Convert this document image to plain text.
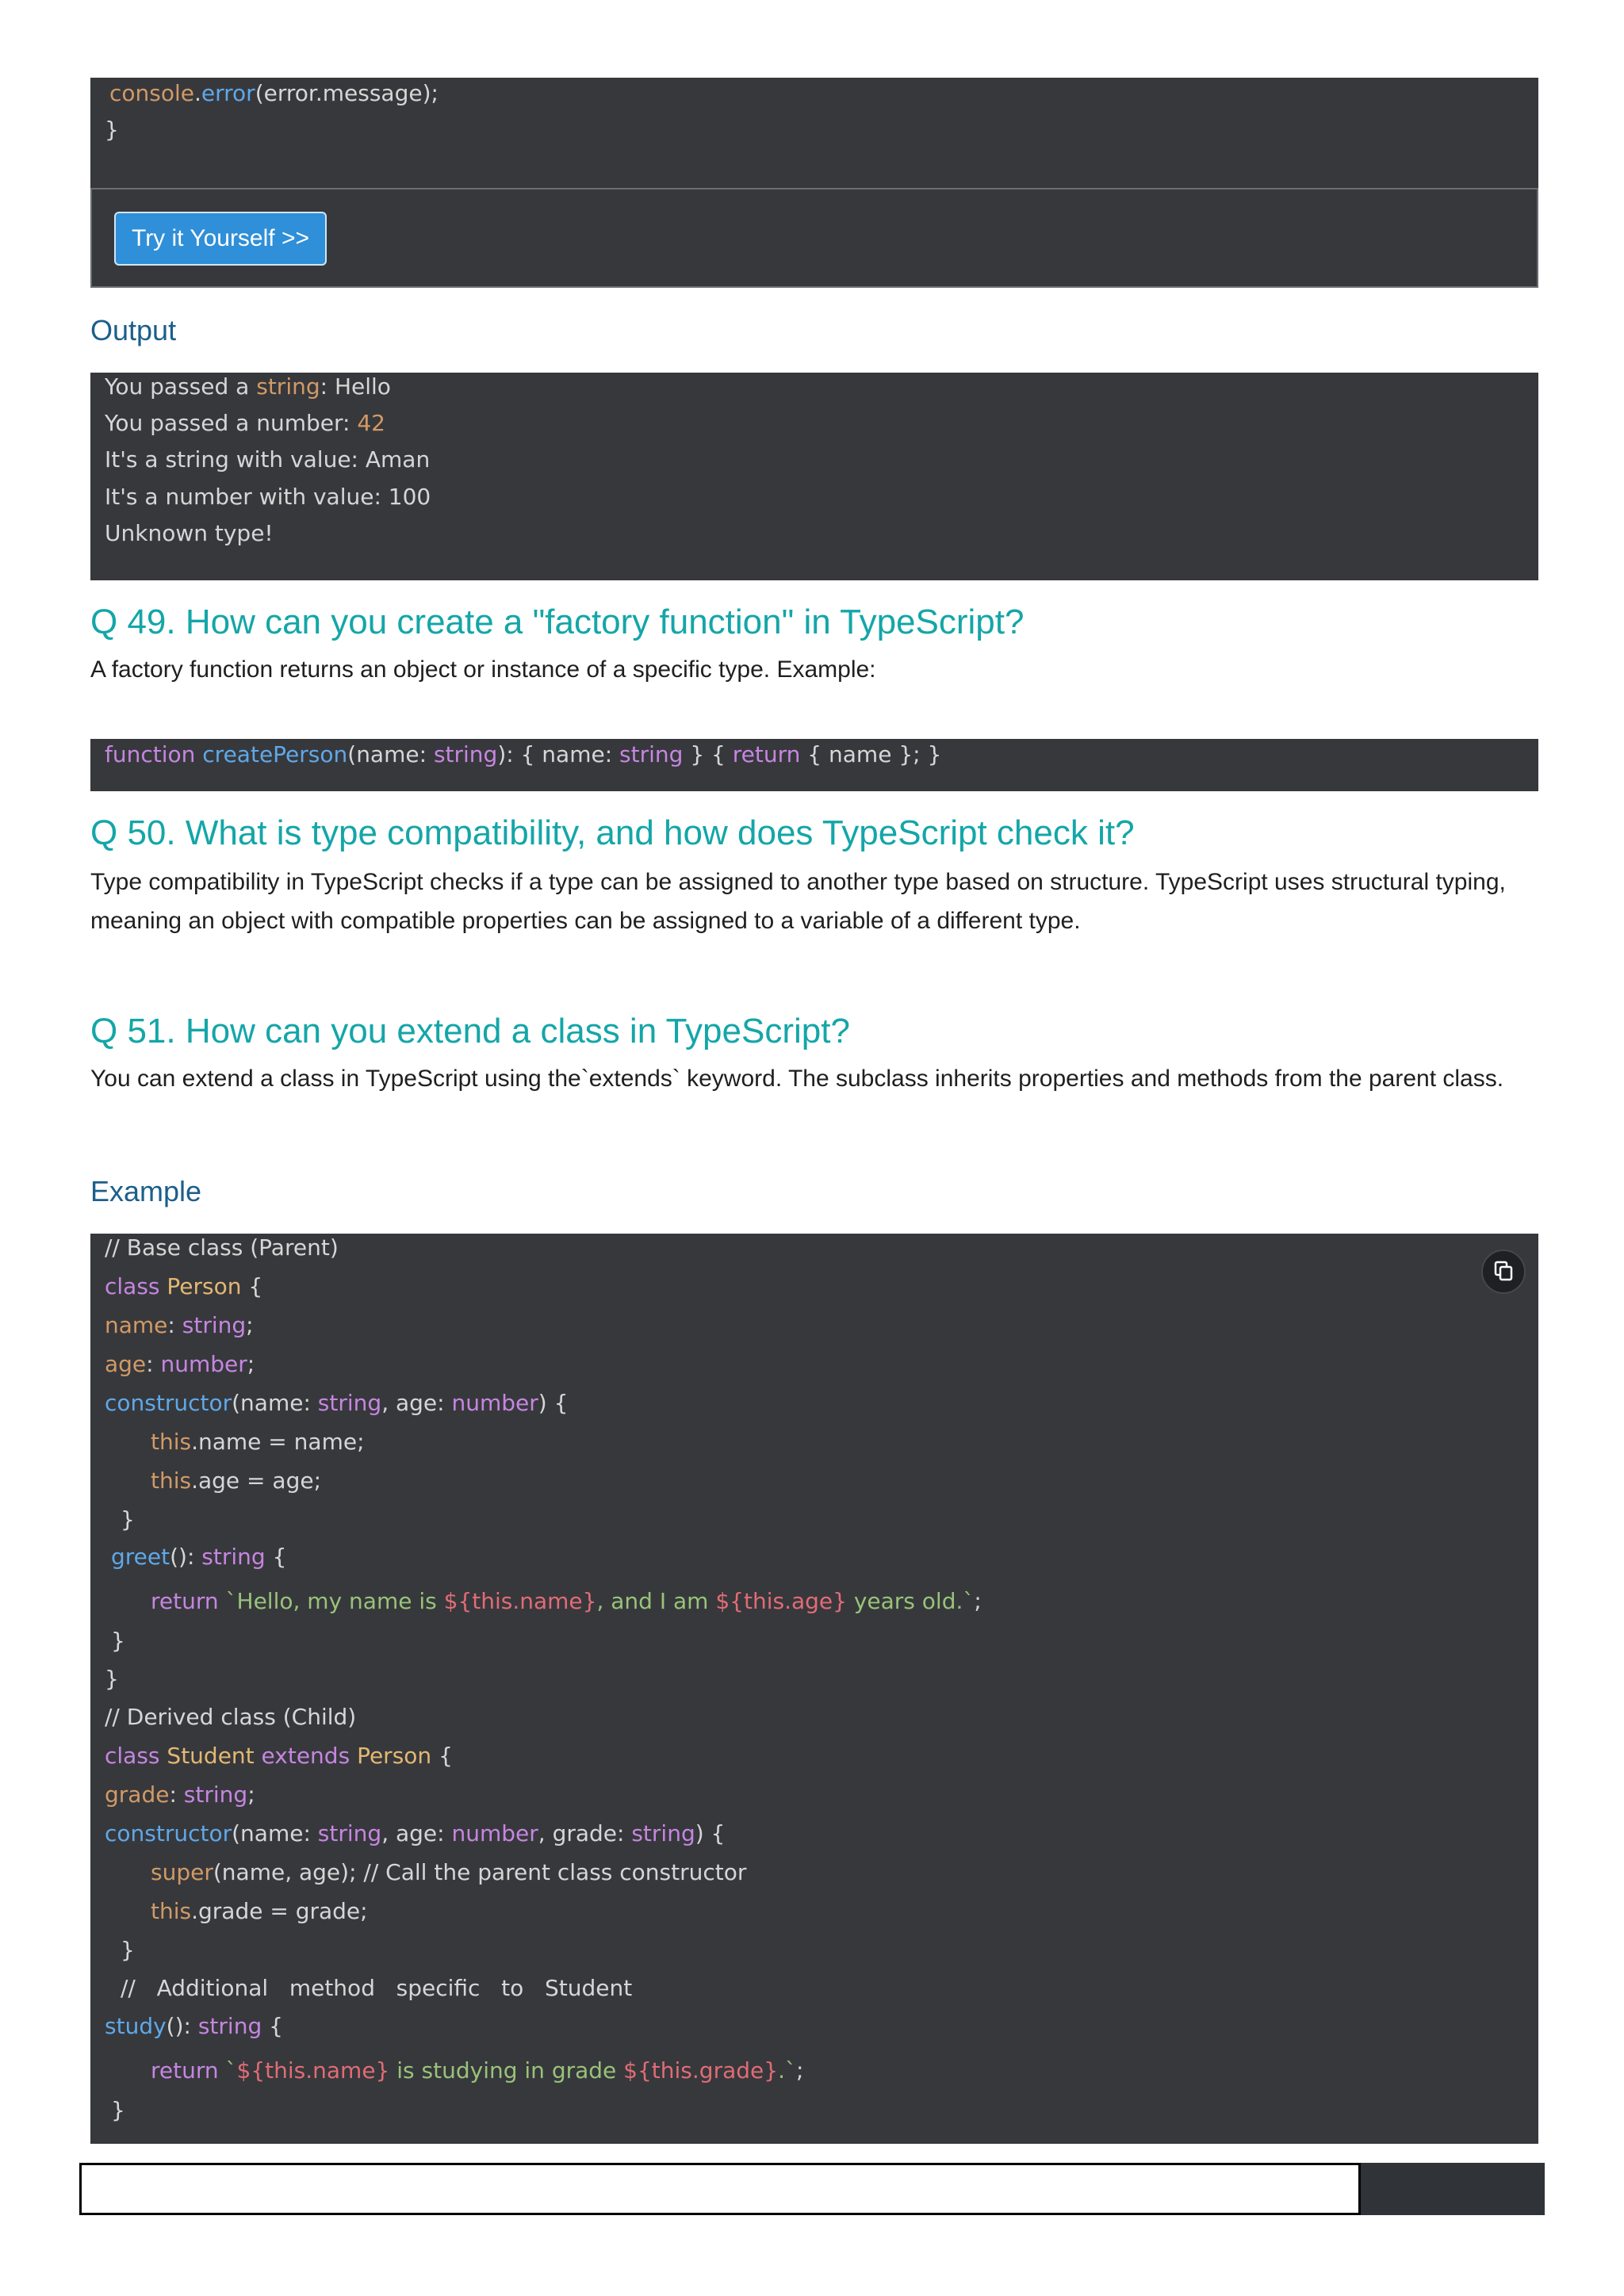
console.error(error.message);
}
Try it Yourself >>
Output
You passed a string: Hello
You passed a number: 42
It's a string with value: Aman
It's a number with value: 100
Unknown type!
Q 49. How can you create a "factory function" in TypeScript?
A factory function returns an object or instance of a specific type. Example:
function createPerson(name: string): { name: string } { return { name }; }
Q 50. What is type compatibility, and how does TypeScript check it?
Type compatibility in TypeScript checks if a type can be assigned to another type based on structure. TypeScript uses structural typing, meaning an object with compatible properties can be assigned to a variable of a different type.
Q 51. How can you extend a class in TypeScript?
You can extend a class in TypeScript using the`extends` keyword. The subclass inherits properties and methods from the parent class.
Example
// Base class (Parent)
class Person {
name: string;
age: number;
constructor(name: string, age: number) {
this.name = name;
this.age = age;
}
greet(): string {
return `Hello, my name is ${this.name}, and I am ${this.age} years old.`;
}
}
// Derived class (Child)
class Student extends Person {
grade: string;
constructor(name: string, age: number, grade: string) {
super(name, age); // Call the parent class constructor
this.grade = grade;
}
//   Additional   method   specific   to   Student
study(): string {
return `${this.name} is studying in grade ${this.grade}.`;
}
